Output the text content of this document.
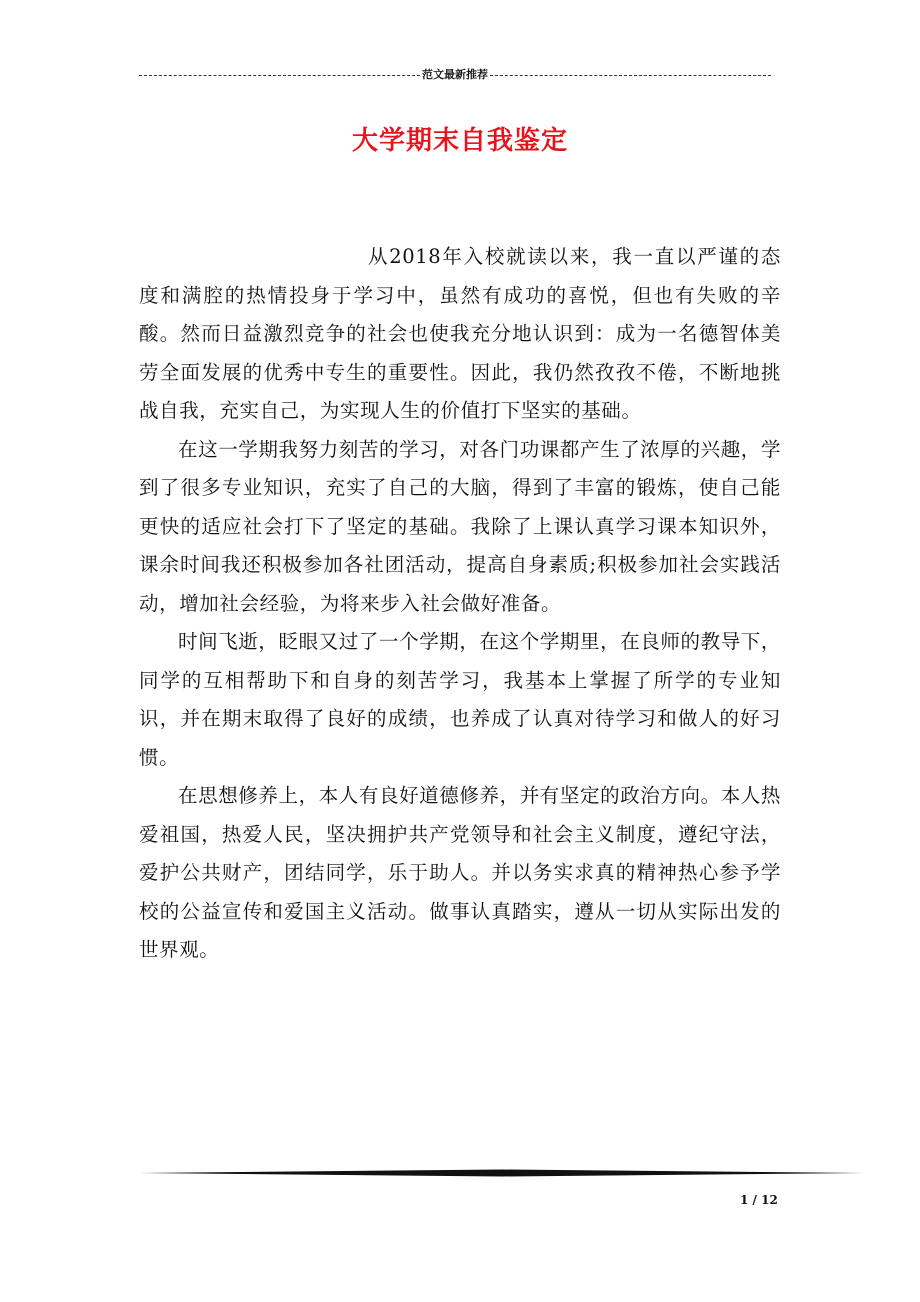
范文最新推荐
大学期末自我鉴定

从2018年入校就读以来，我一直以严谨的态度和满腔的热情投身于学习中，虽然有成功的喜悦，但也有失败的辛酸。然而日益激烈竞争的社会也使我充分地认识到：成为一名德智体美劳全面发展的优秀中专生的重要性。因此，我仍然孜孜不倦，不断地挑战自我，充实自己，为实现人生的价值打下坚实的基础。

在这一学期我努力刻苦的学习，对各门功课都产生了浓厚的兴趣，学到了很多专业知识，充实了自己的大脑，得到了丰富的锻炼，使自己能更快的适应社会打下了坚定的基础。我除了上课认真学习课本知识外，课余时间我还积极参加各社团活动，提高自身素质;积极参加社会实践活动，增加社会经验，为将来步入社会做好准备。

时间飞逝，眨眼又过了一个学期，在这个学期里，在良师的教导下，同学的互相帮助下和自身的刻苦学习，我基本上掌握了所学的专业知识，并在期末取得了良好的成绩，也养成了认真对待学习和做人的好习惯。

在思想修养上，本人有良好道德修养，并有坚定的政治方向。本人热爱祖国，热爱人民，坚决拥护共产党领导和社会主义制度，遵纪守法，爱护公共财产，团结同学，乐于助人。并以务实求真的精神热心参予学校的公益宣传和爱国主义活动。做事认真踏实，遵从一切从实际出发的世界观。

1 / 12
